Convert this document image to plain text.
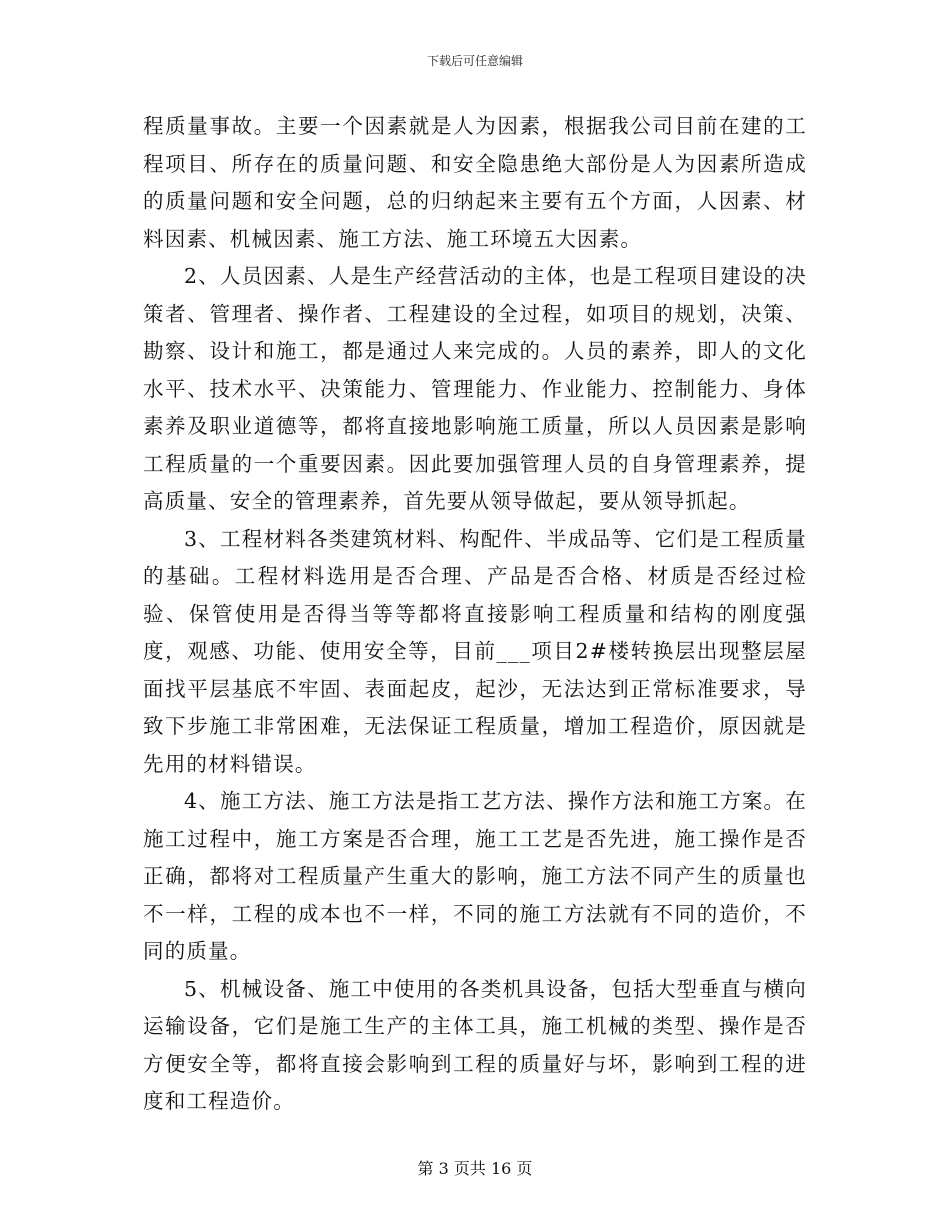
下载后可任意编辑

程质量事故。主要一个因素就是人为因素，根据我公司目前在建的工程项目、所存在的质量问题、和安全隐患绝大部份是人为因素所造成的质量问题和安全问题，总的归纳起来主要有五个方面，人因素、材料因素、机械因素、施工方法、施工环境五大因素。

2、人员因素、人是生产经营活动的主体，也是工程项目建设的决策者、管理者、操作者、工程建设的全过程，如项目的规划，决策、勘察、设计和施工，都是通过人来完成的。人员的素养，即人的文化水平、技术水平、决策能力、管理能力、作业能力、控制能力、身体素养及职业道德等，都将直接地影响施工质量，所以人员因素是影响工程质量的一个重要因素。因此要加强管理人员的自身管理素养，提高质量、安全的管理素养，首先要从领导做起，要从领导抓起。

3、工程材料各类建筑材料、构配件、半成品等、它们是工程质量的基础。工程材料选用是否合理、产品是否合格、材质是否经过检验、保管使用是否得当等等都将直接影响工程质量和结构的刚度强度，观感、功能、使用安全等，目前___项目2#楼转换层出现整层屋面找平层基底不牢固、表面起皮，起沙，无法达到正常标准要求，导致下步施工非常困难，无法保证工程质量，增加工程造价，原因就是先用的材料错误。

4、施工方法、施工方法是指工艺方法、操作方法和施工方案。在施工过程中，施工方案是否合理，施工工艺是否先进，施工操作是否正确，都将对工程质量产生重大的影响，施工方法不同产生的质量也不一样，工程的成本也不一样，不同的施工方法就有不同的造价，不同的质量。

5、机械设备、施工中使用的各类机具设备，包括大型垂直与横向运输设备，它们是施工生产的主体工具，施工机械的类型、操作是否方便安全等，都将直接会影响到工程的质量好与坏，影响到工程的进度和工程造价。

第 3 页共 16 页
